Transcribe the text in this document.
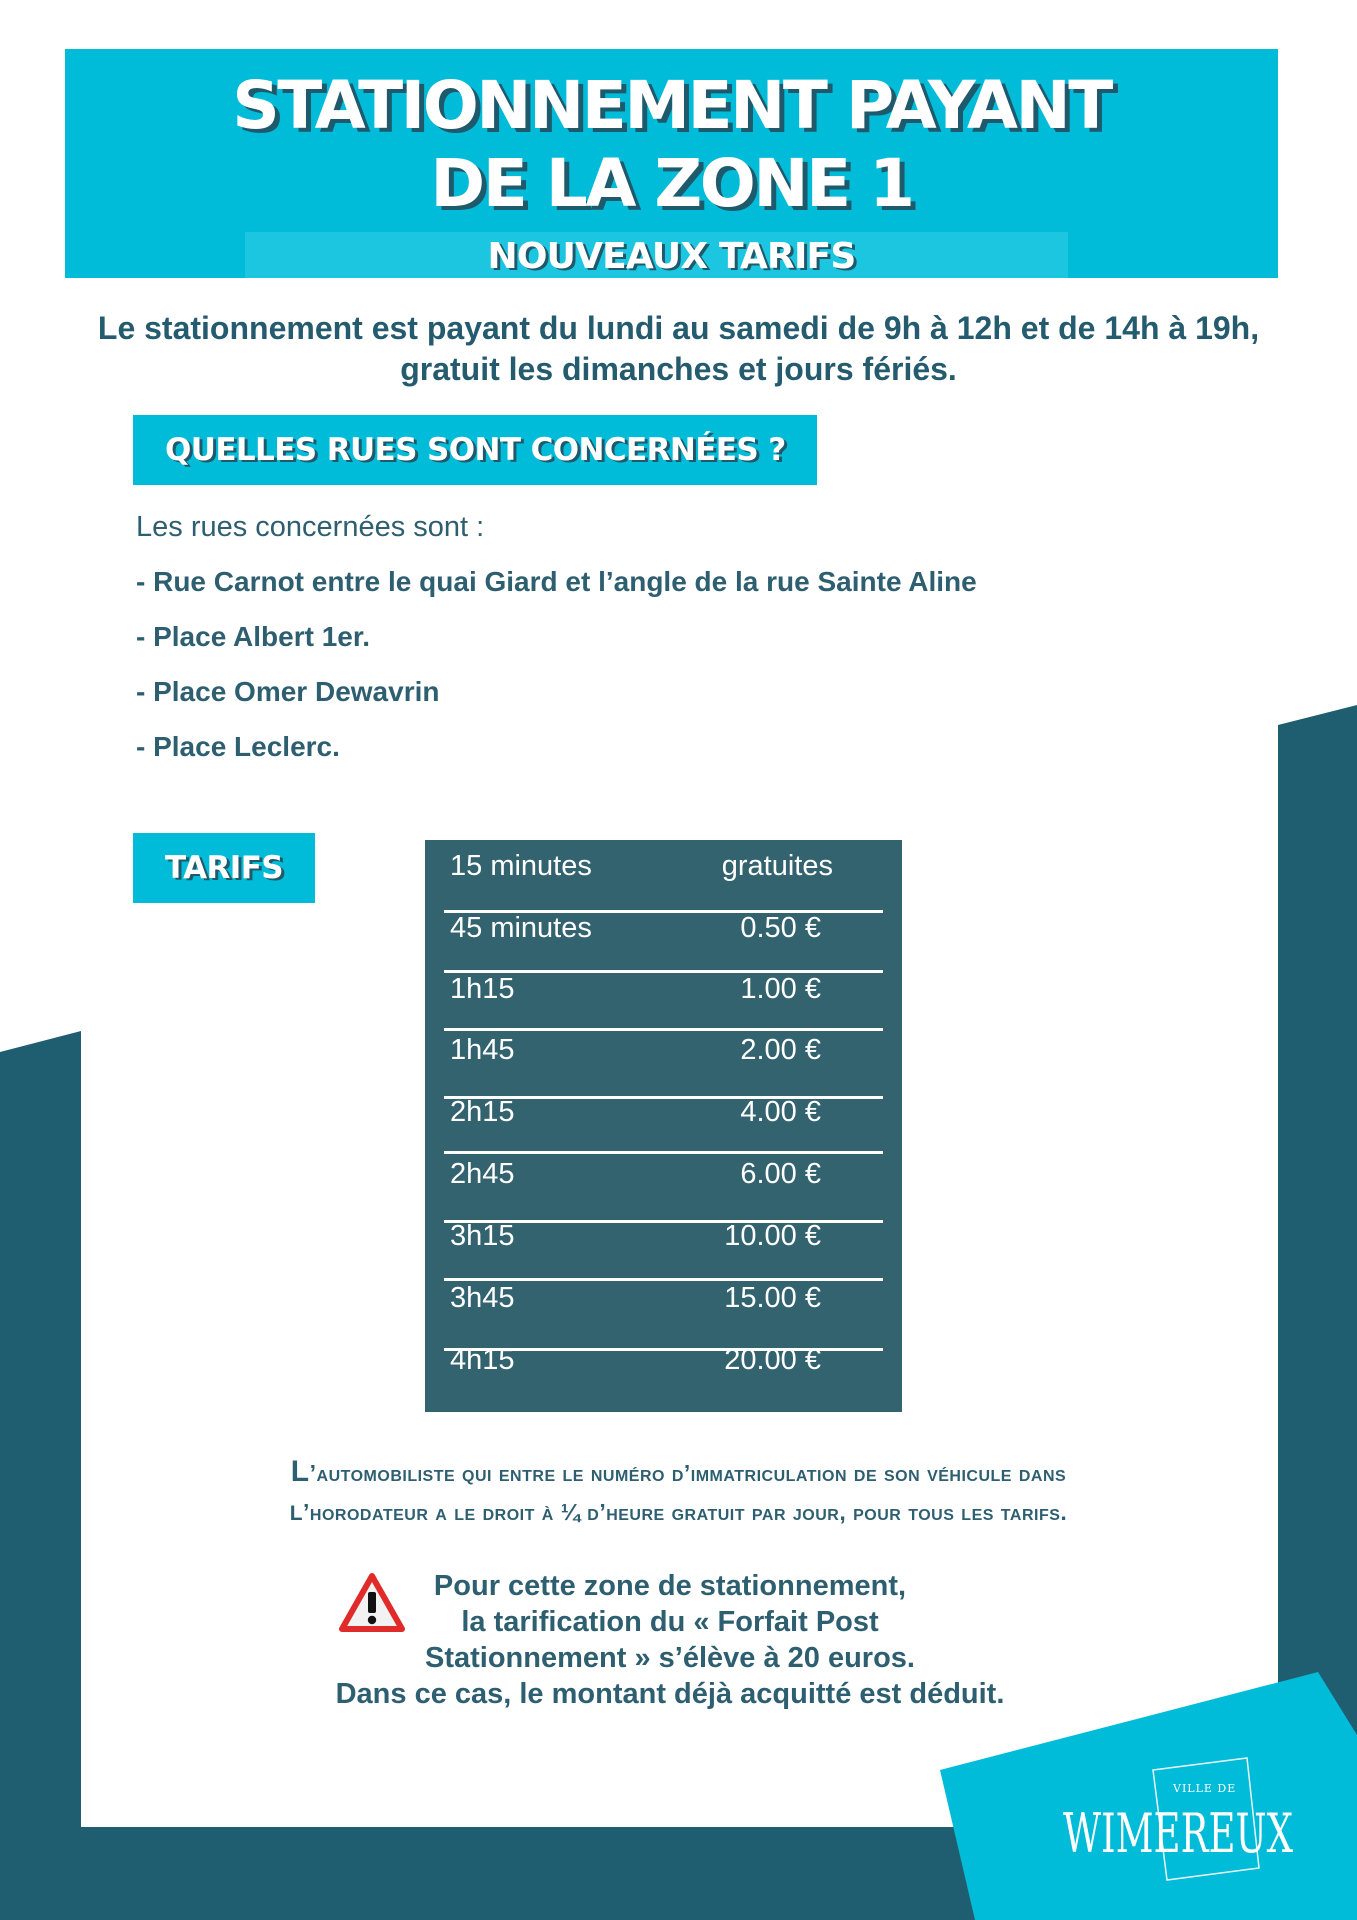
STATIONNEMENT PAYANT
DE LA ZONE 1
NOUVEAUX TARIFS
Le stationnement est payant du lundi au samedi de 9h à 12h et de 14h à 19h,
gratuit les dimanches et jours fériés.
QUELLES RUES SONT CONCERNÉES ?
Les rues concernées sont :
- Rue Carnot entre le quai Giard et l’angle de la rue Sainte Aline
- Place Albert 1er.
- Place Omer Dewavrin
- Place Leclerc.
TARIFS	15 minutes	gratuites
45 minutes	0.50 €
1h15	1.00 €
1h45	2.00 €
2h15	4.00 €
2h45	6.00 €
3h15	10.00 €
3h45	15.00 €
4h15	20.00 €
L’automobiliste qui entre le numéro d’immatriculation de son véhicule dans
l’horodateur a le droit à ¼ d’heure gratuit par jour, pour tous les tarifs.
Pour cette zone de stationnement,
la tarification du « Forfait Post
Stationnement » s’élève à 20 euros.
Dans ce cas, le montant déjà acquitté est déduit.
VILLE DE
WIMEREUX
